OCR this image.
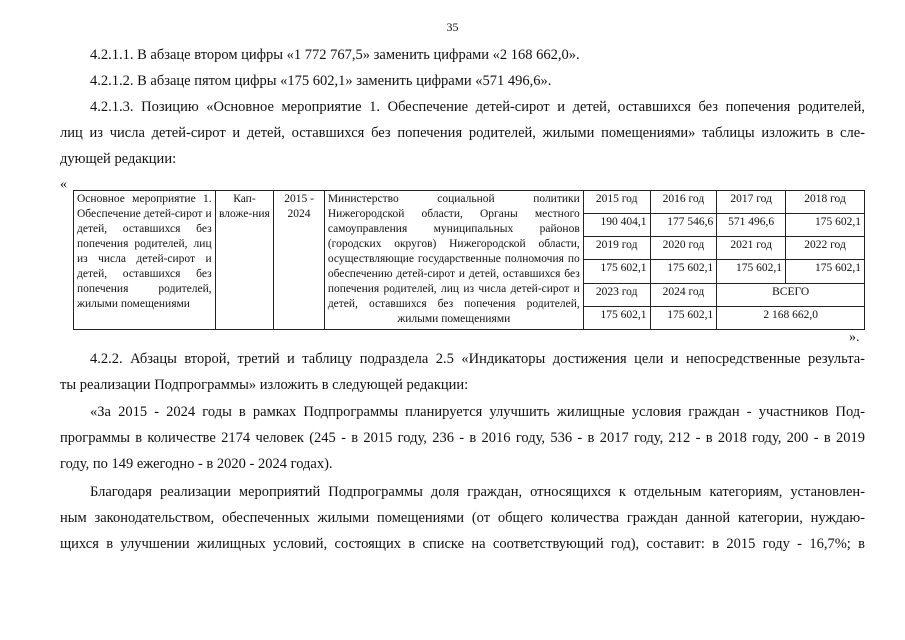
35
4.2.1.1. В абзаце втором цифры «1 772 767,5» заменить цифрами «2 168 662,0».
4.2.1.2. В абзаце пятом цифры «175 602,1» заменить цифрами «571 496,6».
4.2.1.3. Позицию «Основное мероприятие 1. Обеспечение детей-сирот и детей, оставшихся без попечения родителей,
лиц из числа детей-сирот и детей, оставшихся без попечения родителей, жилыми помещениями» таблицы изложить в сле-
дующей редакции:
«
Основное мероприятие 1. Обеспечение детей-сирот и детей, оставшихся без попечения родителей, лиц из числа детей-сирот и детей, оставшихся без попечения родителей, жилыми помещениями	Кап-вложе-ния	2015 - 2024	Министерство социальной политики Нижегородской области, Органы местного самоуправления муниципальных районов (городских округов) Нижегородской области, осуществляющие государственные полномочия по обеспечению детей-сирот и детей, оставшихся без попечения родителей, лиц из числа детей-сирот и детей, оставшихся без попечения родителей, жилыми помещениями	2015 год	2016 год	2017 год	2018 год
				190 404,1	177 546,6	571 496,6	175 602,1
				2019 год	2020 год	2021 год	2022 год
				175 602,1	175 602,1	175 602,1	175 602,1
				2023 год	2024 год	ВСЕГО	
				175 602,1	175 602,1	2 168 662,0	
».
4.2.2. Абзацы второй, третий и таблицу подраздела 2.5 «Индикаторы достижения цели и непосредственные результа-
ты реализации Подпрограммы» изложить в следующей редакции:
«За 2015 - 2024 годы в рамках Подпрограммы планируется улучшить жилищные условия граждан - участников Под-
программы в количестве 2174 человек (245 - в 2015 году, 236 - в 2016 году, 536 - в 2017 году, 212 - в 2018 году, 200 - в 2019
году, по 149 ежегодно - в 2020 - 2024 годах).
Благодаря реализации мероприятий Подпрограммы доля граждан, относящихся к отдельным категориям, установлен-
ным законодательством, обеспеченных жилыми помещениями (от общего количества граждан данной категории, нуждаю-
щихся в улучшении жилищных условий, состоящих в списке на соответствующий год), составит: в 2015 году - 16,7%; в
